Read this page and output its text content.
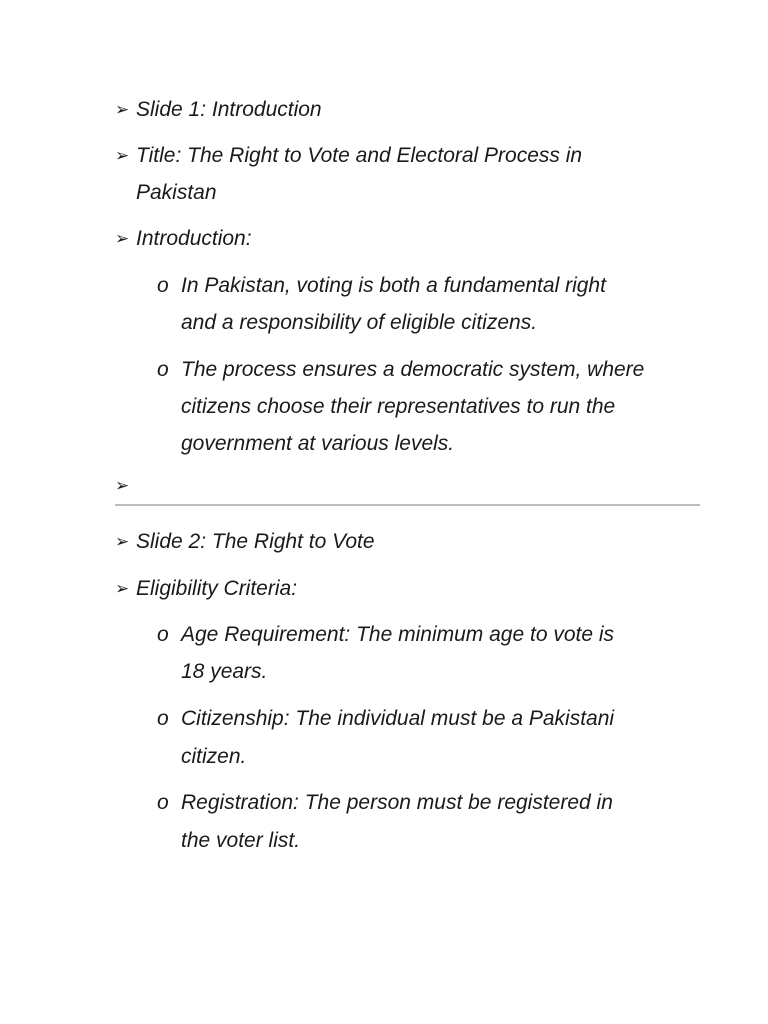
➢ Slide 1: Introduction
➢ Title: The Right to Vote and Electoral Process in
Pakistan
➢ Introduction:
o In Pakistan, voting is both a fundamental right
and a responsibility of eligible citizens.
o The process ensures a democratic system, where
citizens choose their representatives to run the
government at various levels.
➢
➢ Slide 2: The Right to Vote
➢ Eligibility Criteria:
o Age Requirement: The minimum age to vote is
18 years.
o Citizenship: The individual must be a Pakistani
citizen.
o Registration: The person must be registered in
the voter list.
